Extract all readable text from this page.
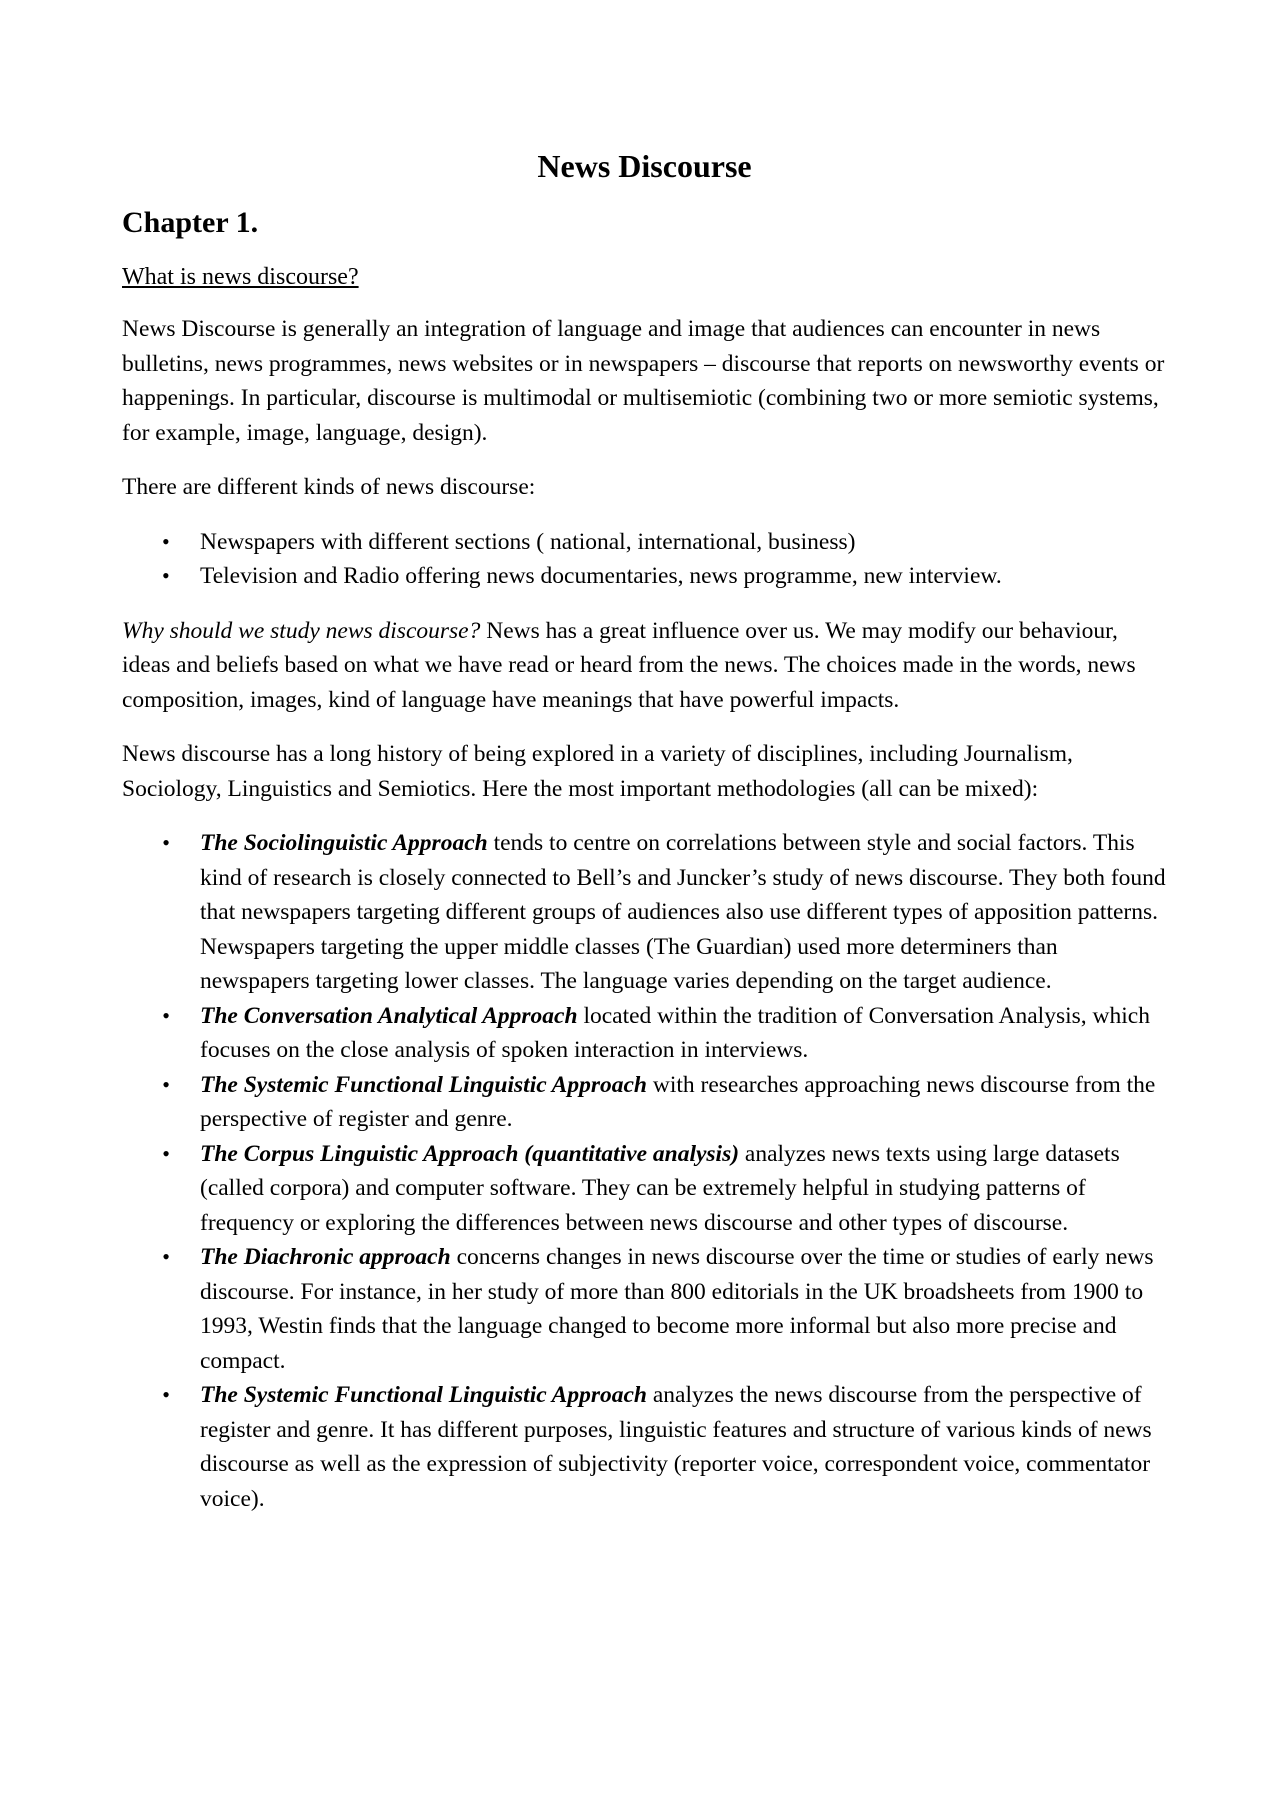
News Discourse
Chapter 1.

What is news discourse?

News Discourse is generally an integration of language and image that audiences can encounter in news bulletins, news programmes, news websites or in newspapers – discourse that reports on newsworthy events or happenings. In particular, discourse is multimodal or multisemiotic (combining two or more semiotic systems, for example, image, language, design).

There are different kinds of news discourse:

• Newspapers with different sections ( national, international, business)
• Television and Radio offering news documentaries, news programme, new interview.

Why should we study news discourse? News has a great influence over us. We may modify our behaviour, ideas and beliefs based on what we have read or heard from the news. The choices made in the words, news composition, images, kind of language have meanings that have powerful impacts.

News discourse has a long history of being explored in a variety of disciplines, including Journalism, Sociology, Linguistics and Semiotics. Here the most important methodologies (all can be mixed):

• The Sociolinguistic Approach tends to centre on correlations between style and social factors. This kind of research is closely connected to Bell’s and Juncker’s study of news discourse. They both found that newspapers targeting different groups of audiences also use different types of apposition patterns. Newspapers targeting the upper middle classes (The Guardian) used more determiners than newspapers targeting lower classes. The language varies depending on the target audience.
• The Conversation Analytical Approach located within the tradition of Conversation Analysis, which focuses on the close analysis of spoken interaction in interviews.
• The Systemic Functional Linguistic Approach with researches approaching news discourse from the perspective of register and genre.
• The Corpus Linguistic Approach (quantitative analysis) analyzes news texts using large datasets (called corpora) and computer software. They can be extremely helpful in studying patterns of frequency or exploring the differences between news discourse and other types of discourse.
• The Diachronic approach concerns changes in news discourse over the time or studies of early news discourse. For instance, in her study of more than 800 editorials in the UK broadsheets from 1900 to 1993, Westin finds that the language changed to become more informal but also more precise and compact.
• The Systemic Functional Linguistic Approach analyzes the news discourse from the perspective of register and genre. It has different purposes, linguistic features and structure of various kinds of news discourse as well as the expression of subjectivity (reporter voice, correspondent voice, commentator voice).
